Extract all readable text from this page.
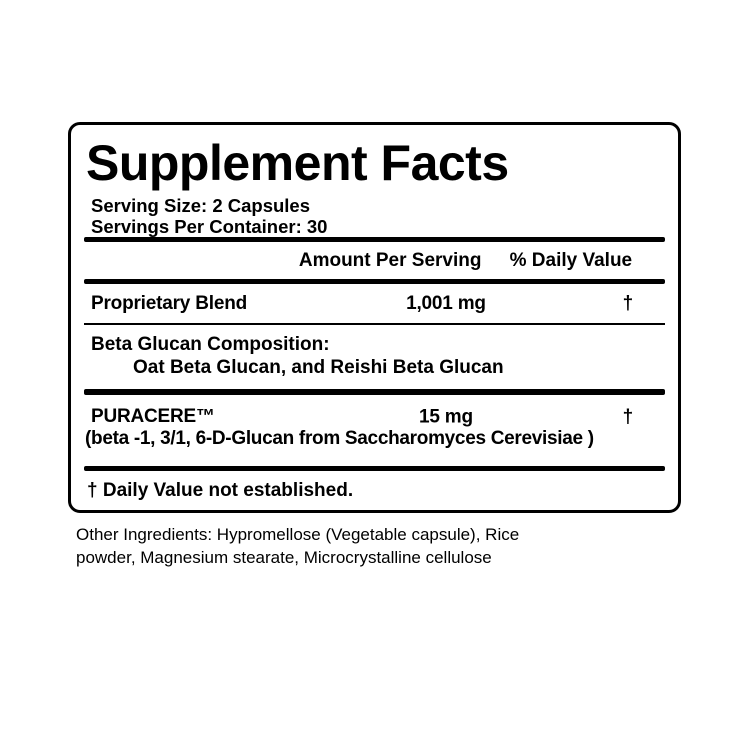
Supplement Facts
Serving Size: 2 Capsules
Servings Per Container: 30
Amount Per Serving % Daily Value
Proprietary Blend	1,001 mg	†
Beta Glucan Composition:
Oat Beta Glucan, and Reishi Beta Glucan
PURACERE™	15 mg	†
(beta -1, 3/1, 6-D-Glucan from Saccharomyces Cerevisiae )
† Daily Value not established.
Other Ingredients: Hypromellose (Vegetable capsule), Rice powder, Magnesium stearate, Microcrystalline cellulose
